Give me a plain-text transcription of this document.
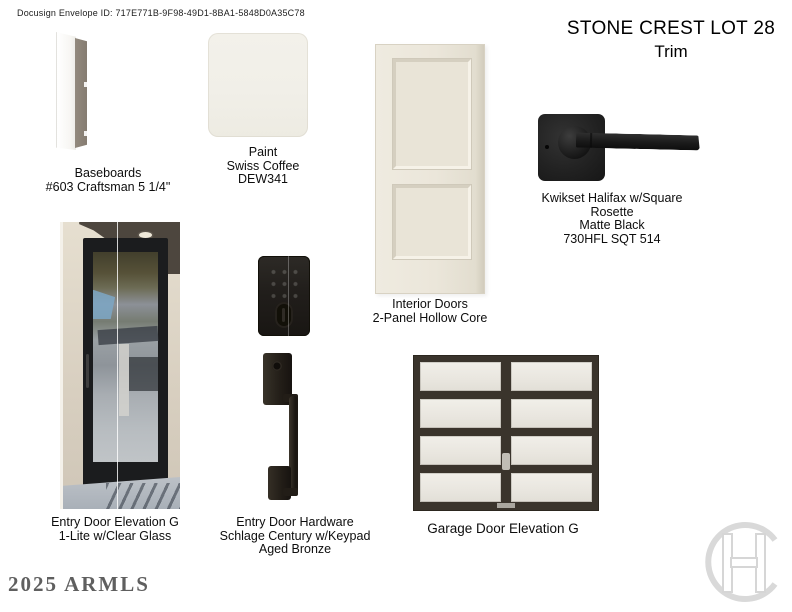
Docusign Envelope ID: 717E771B-9F98-49D1-8BA1-5848D0A35C78
STONE CREST LOT 28
Trim
Baseboards
#603 Craftsman 5 1/4"
Paint
Swiss Coffee
DEW341
Interior Doors
2-Panel Hollow Core
Kwikset Halifax w/Square
Rosette
Matte Black
730HFL SQT 514
Entry Door Elevation G
1-Lite w/Clear Glass
Entry Door Hardware
Schlage Century w/Keypad
Aged Bronze
Garage Door Elevation G
2025 ARMLS
